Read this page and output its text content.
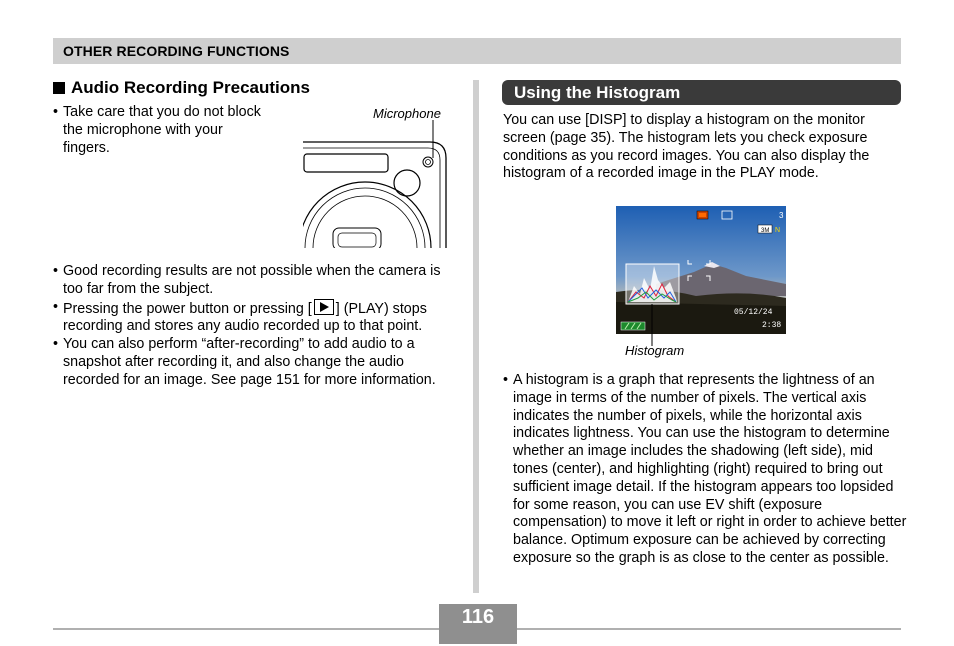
OTHER RECORDING FUNCTIONS
Audio Recording Precautions
• Take care that you do not block the microphone with your fingers.
Microphone
• Good recording results are not possible when the camera is too far from the subject.
• Pressing the power button or pressing [ ] (PLAY) stops recording and stores any audio recorded up to that point.
• You can also perform “after-recording” to add audio to a snapshot after recording it, and also change the audio recorded for an image. See page 151 for more information.
Using the Histogram
You can use [DISP] to display a histogram on the monitor screen (page 35). The histogram lets you check exposure conditions as you record images. You can also display the histogram of a recorded image in the PLAY mode.
3
3M N
05/12/24
2:38
Histogram
• A histogram is a graph that represents the lightness of an image in terms of the number of pixels. The vertical axis indicates the number of pixels, while the horizontal axis indicates lightness. You can use the histogram to determine whether an image includes the shadowing (left side), mid tones (center), and highlighting (right) required to bring out sufficient image detail. If the histogram appears too lopsided for some reason, you can use EV shift (exposure compensation) to move it left or right in order to achieve better balance. Optimum exposure can be achieved by correcting exposure so the graph is as close to the center as possible.
116
